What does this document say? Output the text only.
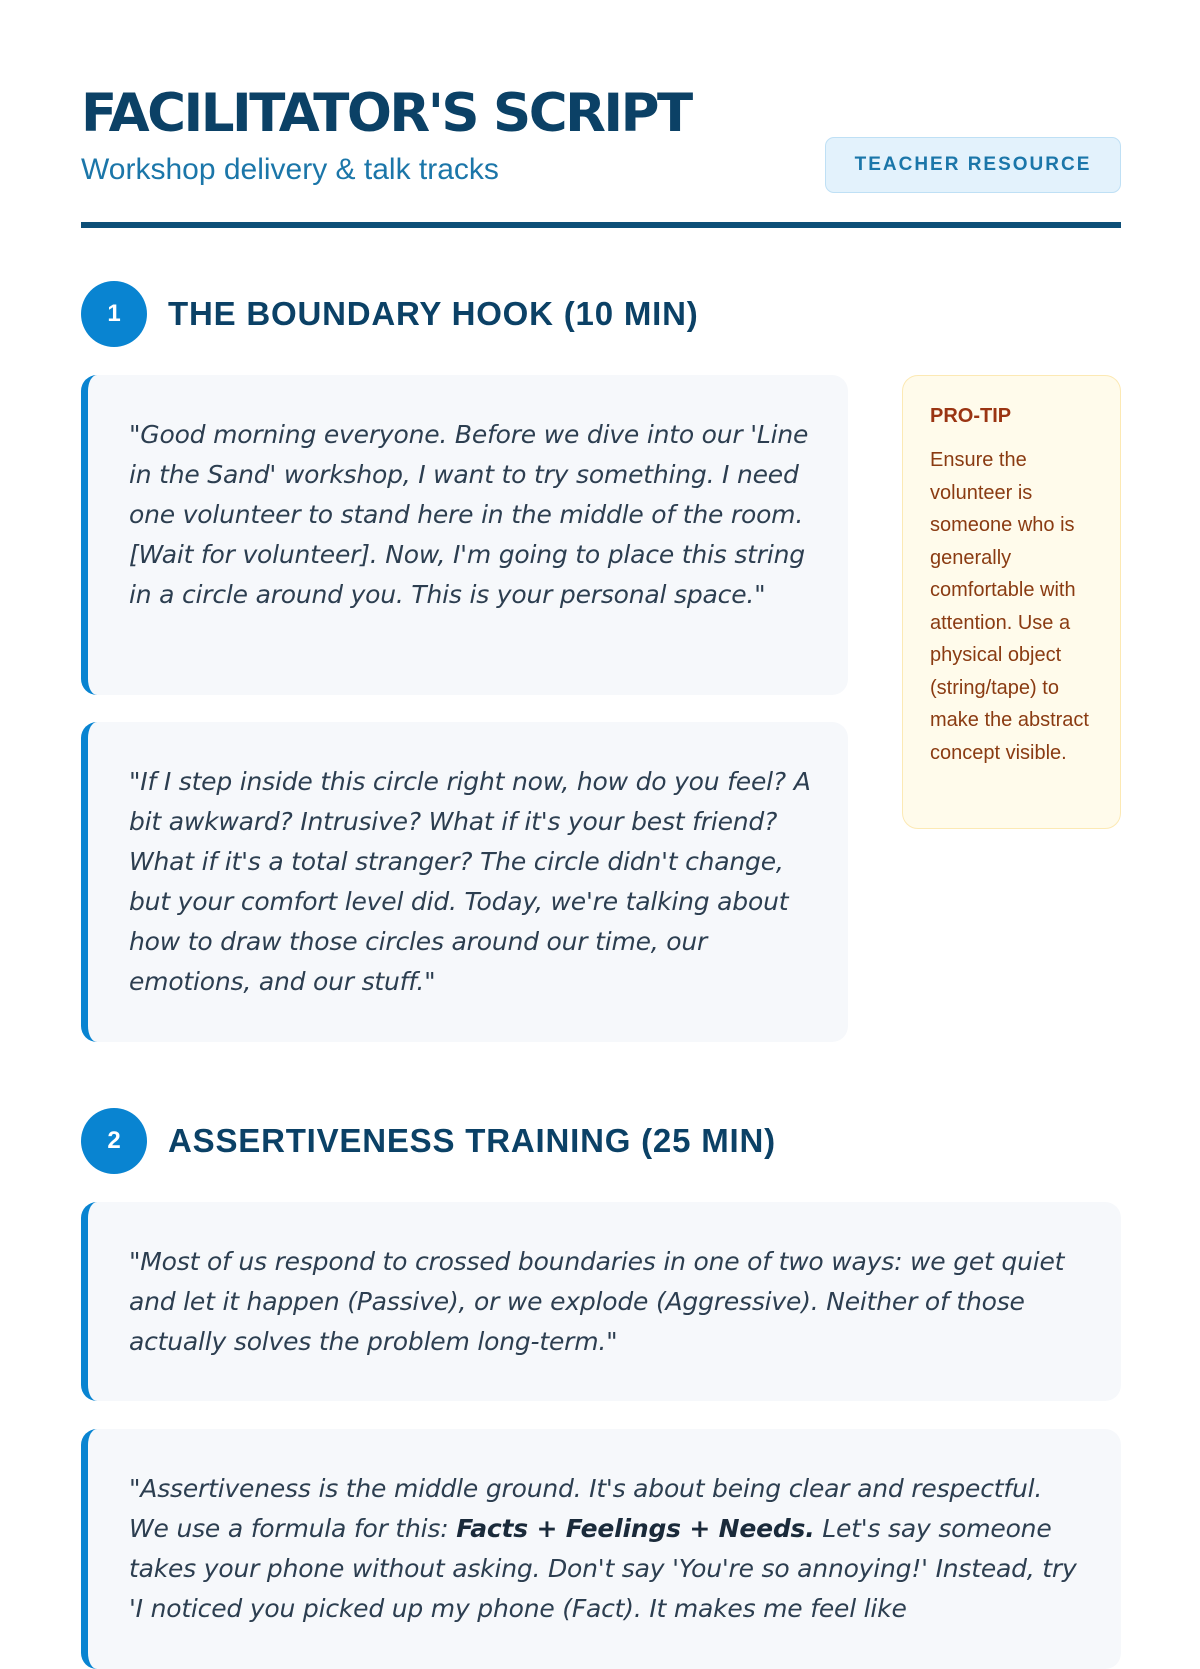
FACILITATOR'S SCRIPT
Workshop delivery & talk tracks	TEACHER RESOURCE
1	THE BOUNDARY HOOK (10 MIN)
"Good morning everyone. Before we dive into our 'Line in the Sand' workshop, I want to try something. I need one volunteer to stand here in the middle of the room. [Wait for volunteer]. Now, I'm going to place this string in a circle around you. This is your personal space."
"If I step inside this circle right now, how do you feel? A bit awkward? Intrusive? What if it's your best friend? What if it's a total stranger? The circle didn't change, but your comfort level did. Today, we're talking about how to draw those circles around our time, our emotions, and our stuff."
PRO-TIP
Ensure the volunteer is someone who is generally comfortable with attention. Use a physical object (string/tape) to make the abstract concept visible.
2	ASSERTIVENESS TRAINING (25 MIN)
"Most of us respond to crossed boundaries in one of two ways: we get quiet and let it happen (Passive), or we explode (Aggressive). Neither of those actually solves the problem long-term."
"Assertiveness is the middle ground. It's about being clear and respectful. We use a formula for this: Facts + Feelings + Needs. Let's say someone takes your phone without asking. Don't say 'You're so annoying!' Instead, try 'I noticed you picked up my phone (Fact). It makes me feel like
